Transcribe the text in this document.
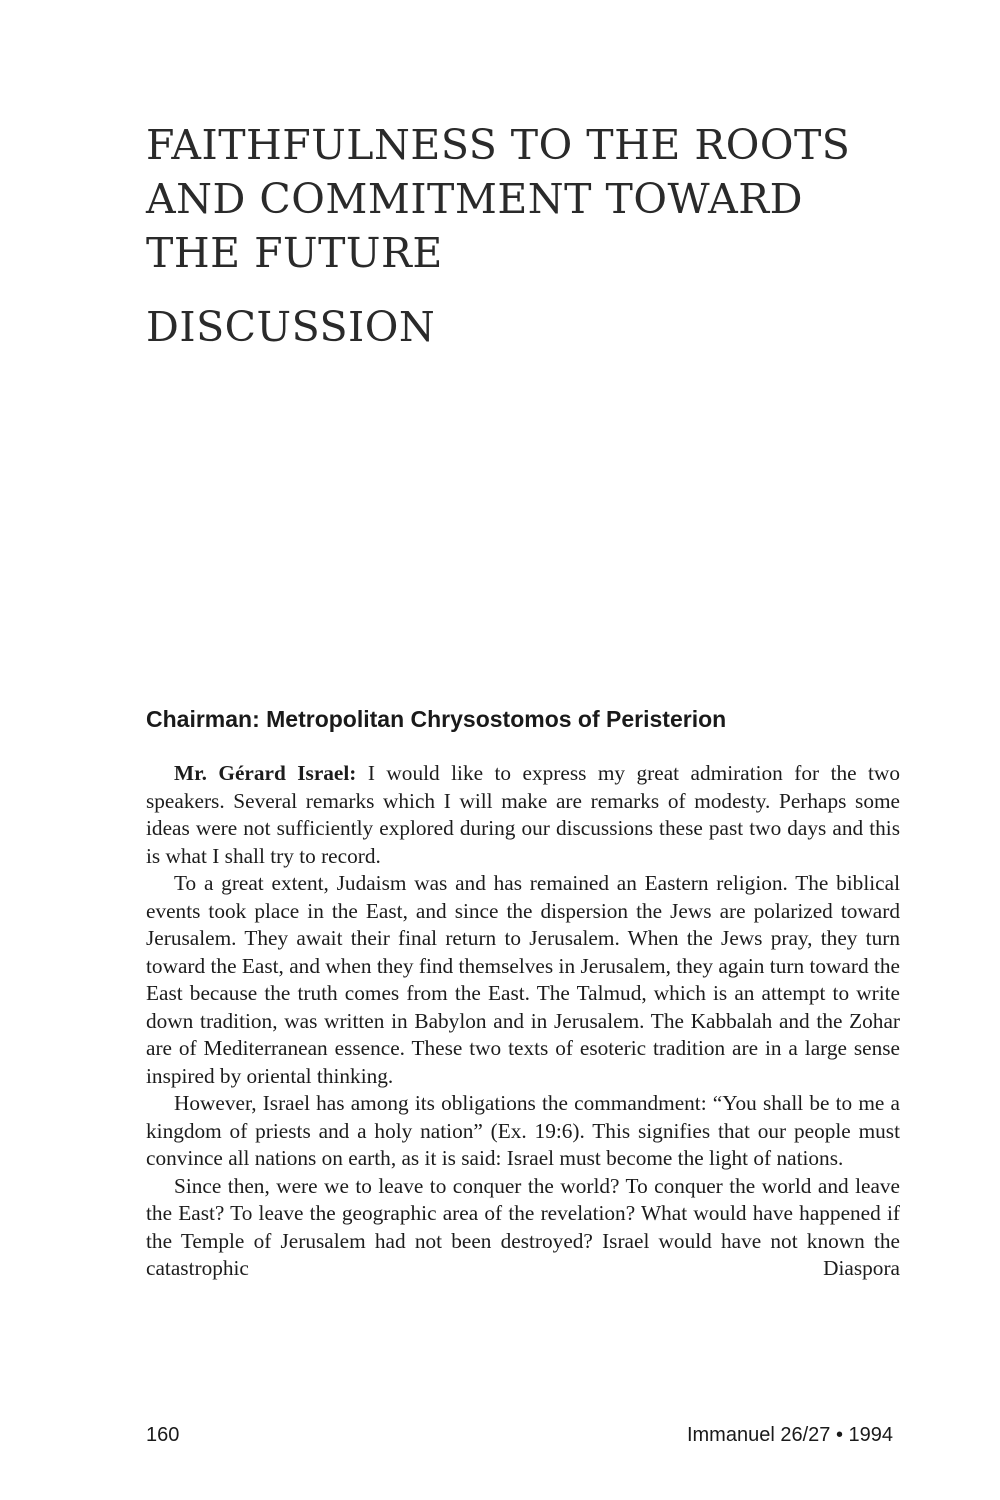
FAITHFULNESS TO THE ROOTS
AND COMMITMENT TOWARD
THE FUTURE
DISCUSSION
Chairman: Metropolitan Chrysostomos of Peristerion

Mr. Gérard Israel: I would like to express my great admiration for the two speakers. Several remarks which I will make are remarks of modesty. Perhaps some ideas were not sufficiently explored during our discussions these past two days and this is what I shall try to record.

To a great extent, Judaism was and has remained an Eastern religion. The biblical events took place in the East, and since the dispersion the Jews are polarized toward Jerusalem. They await their final return to Jerusalem. When the Jews pray, they turn toward the East, and when they find themselves in Jerusalem, they again turn toward the East because the truth comes from the East. The Talmud, which is an attempt to write down tradition, was written in Babylon and in Jerusalem. The Kabbalah and the Zohar are of Mediterranean essence. These two texts of esoteric tradition are in a large sense inspired by oriental thinking.

However, Israel has among its obligations the commandment: “You shall be to me a kingdom of priests and a holy nation” (Ex. 19:6). This signifies that our people must convince all nations on earth, as it is said: Israel must become the light of nations.

Since then, were we to leave to conquer the world? To conquer the world and leave the East? To leave the geographic area of the revelation? What would have happened if the Temple of Jerusalem had not been destroyed? Israel would have not known the catastrophic Diaspora

160	Immanuel 26/27 • 1994
